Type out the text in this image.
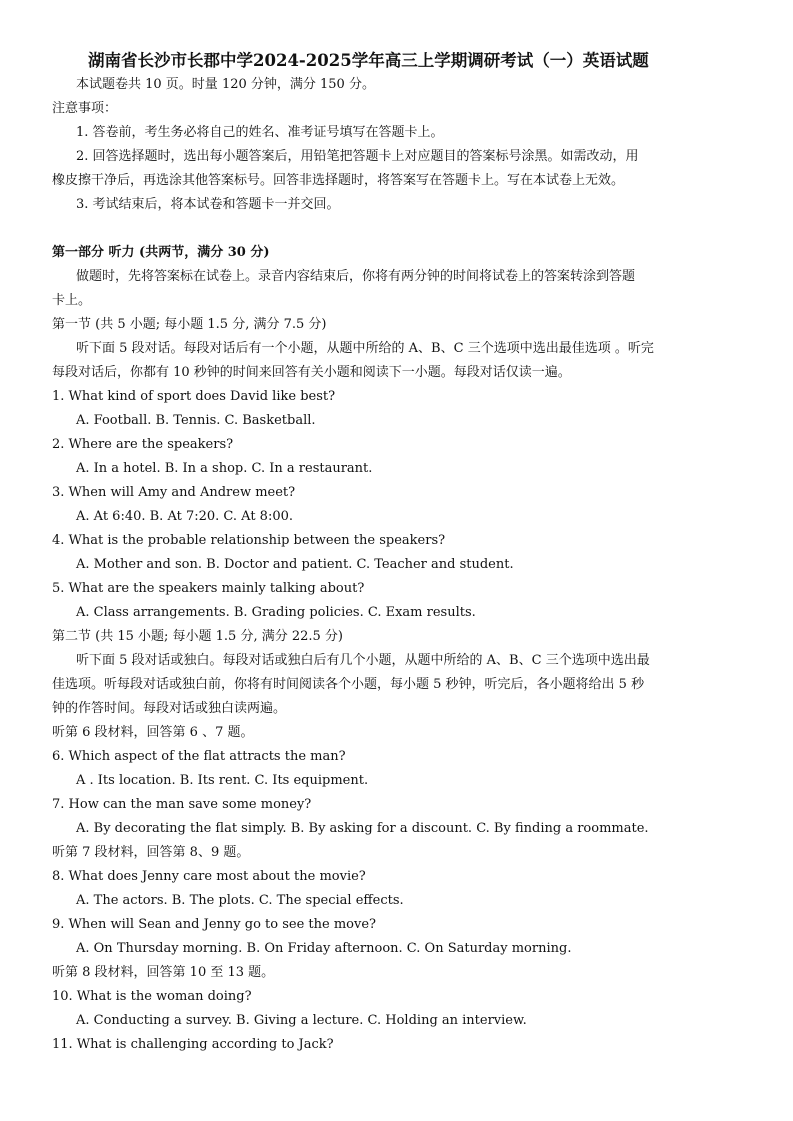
湖南省长沙市长郡中学2024-2025学年高三上学期调研考试（一）英语试题
本试题卷共 10 页。时量 120 分钟，满分 150 分。
注意事项：
1. 答卷前，考生务必将自己的姓名、准考证号填写在答题卡上。
2. 回答选择题时，选出每小题答案后，用铅笔把答题卡上对应题目的答案标号涂黑。如需改动，用
橡皮擦干净后，再选涂其他答案标号。回答非选择题时，将答案写在答题卡上。写在本试卷上无效。
3. 考试结束后，将本试卷和答题卡一并交回。
第一部分 听力 (共两节，满分 30 分)
做题时，先将答案标在试卷上。录音内容结束后，你将有两分钟的时间将试卷上的答案转涂到答题
卡上。
第一节 (共 5 小题; 每小题 1.5 分, 满分 7.5 分)
听下面 5 段对话。每段对话后有一个小题，从题中所给的 A、B、C 三个选项中选出最佳选项 。听完
每段对话后，你都有 10 秒钟的时间来回答有关小题和阅读下一小题。每段对话仅读一遍。
1. What kind of sport does David like best?
A. Football. B. Tennis. C. Basketball.
2. Where are the speakers?
A. In a hotel. B. In a shop. C. In a restaurant.
3. When will Amy and Andrew meet?
A. At 6:40. B. At 7:20. C. At 8:00.
4. What is the probable relationship between the speakers?
A. Mother and son. B. Doctor and patient. C. Teacher and student.
5. What are the speakers mainly talking about?
A. Class arrangements. B. Grading policies. C. Exam results.
第二节 (共 15 小题; 每小题 1.5 分, 满分 22.5 分)
听下面 5 段对话或独白。每段对话或独白后有几个小题，从题中所给的 A、B、C 三个选项中选出最
佳选项。听每段对话或独白前，你将有时间阅读各个小题，每小题 5 秒钟，听完后，各小题将给出 5 秒
钟的作答时间。每段对话或独白读两遍。
听第 6 段材料，回答第 6 、7 题。
6. Which aspect of the flat attracts the man?
A . Its location. B. Its rent. C. Its equipment.
7. How can the man save some money?
A. By decorating the flat simply. B. By asking for a discount. C. By finding a roommate.
听第 7 段材料，回答第 8、9 题。
8. What does Jenny care most about the movie?
A. The actors. B. The plots. C. The special effects.
9. When will Sean and Jenny go to see the move?
A. On Thursday morning. B. On Friday afternoon. C. On Saturday morning.
听第 8 段材料，回答第 10 至 13 题。
10. What is the woman doing?
A. Conducting a survey. B. Giving a lecture. C. Holding an interview.
11. What is challenging according to Jack?
